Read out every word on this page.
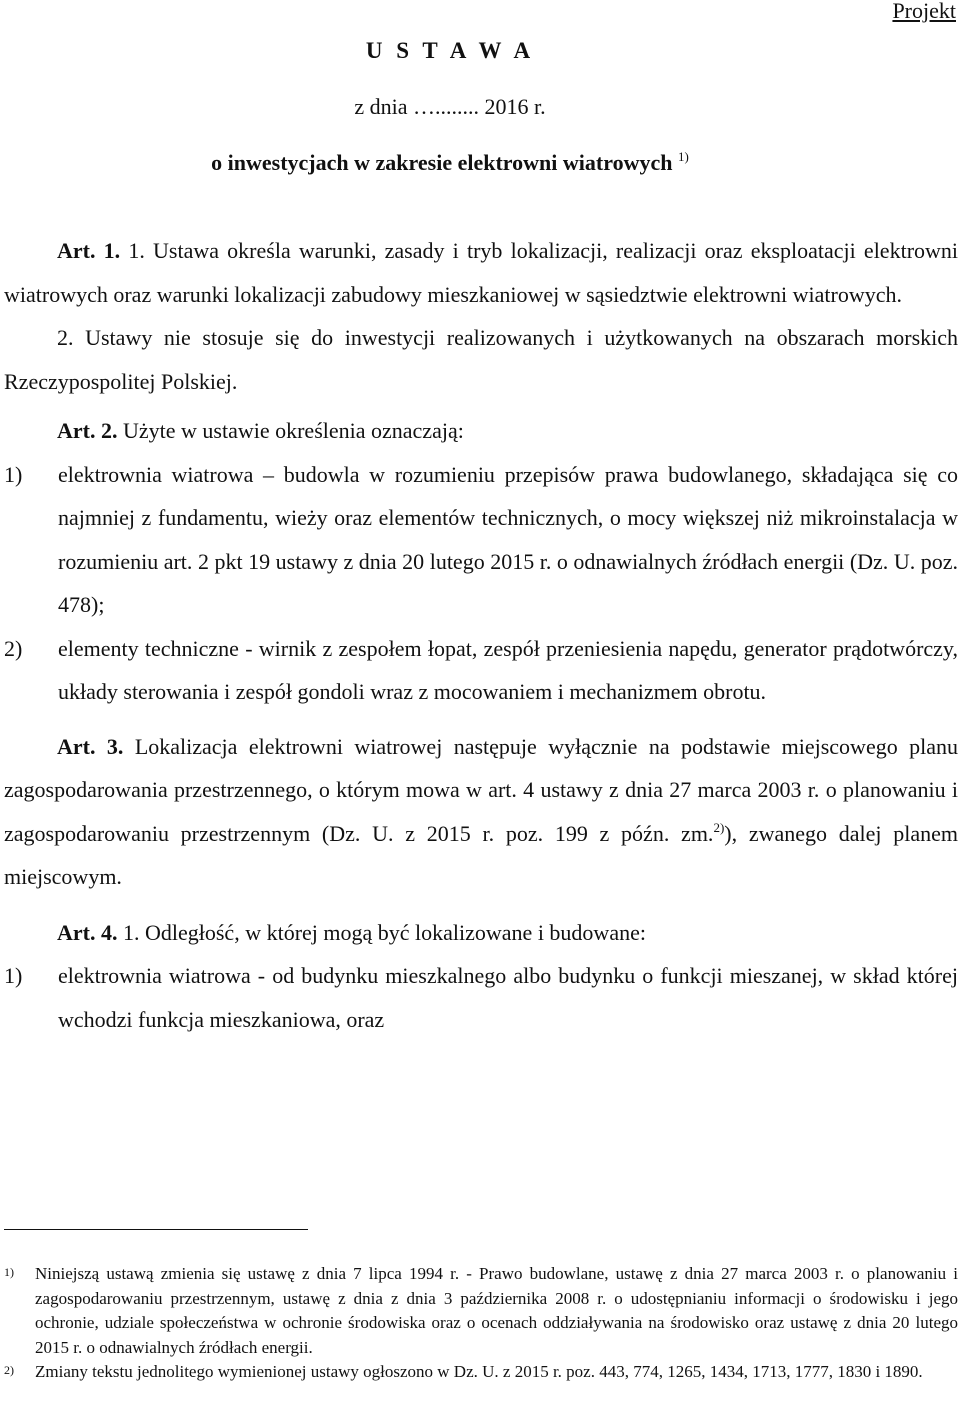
Projekt
U S T A W A
z dnia …........ 2016 r.
o inwestycjach w zakresie elektrowni wiatrowych $^{1)}$

Art. 1. 1. Ustawa określa warunki, zasady i tryb lokalizacji, realizacji oraz eksploatacji elektrowni wiatrowych oraz warunki lokalizacji zabudowy mieszkaniowej w sąsiedztwie elektrowni wiatrowych.

2. Ustawy nie stosuje się do inwestycji realizowanych i użytkowanych na obszarach morskich Rzeczypospolitej Polskiej.

Art. 2. Użyte w ustawie określenia oznaczają:

1)	elektrownia wiatrowa – budowla w rozumieniu przepisów prawa budowlanego, składająca się co najmniej z fundamentu, wieży oraz elementów technicznych, o mocy większej niż mikroinstalacja w rozumieniu art. 2 pkt 19 ustawy z dnia 20 lutego 2015 r. o odnawialnych źródłach energii (Dz. U. poz. 478);
2)	elementy techniczne - wirnik z zespołem łopat, zespół przeniesienia napędu, generator prądotwórczy, układy sterowania i zespół gondoli wraz z mocowaniem i mechanizmem obrotu.

Art. 3. Lokalizacja elektrowni wiatrowej następuje wyłącznie na podstawie miejscowego planu zagospodarowania przestrzennego, o którym mowa w art. 4 ustawy z dnia 27 marca 2003 r. o planowaniu i zagospodarowaniu przestrzennym (Dz. U. z 2015 r. poz. 199 z późn. zm.$^{2)}$), zwanego dalej planem miejscowym.

Art. 4. 1. Odległość, w której mogą być lokalizowane i budowane:

1)	elektrownia wiatrowa - od budynku mieszkalnego albo budynku o funkcji mieszanej, w skład której wchodzi funkcja mieszkaniowa, oraz
1)	Niniejszą ustawą zmienia się ustawę z dnia 7 lipca 1994 r. - Prawo budowlane, ustawę z dnia 27 marca 2003 r. o planowaniu i zagospodarowaniu przestrzennym, ustawę z dnia z dnia 3 października 2008 r. o udostępnianiu informacji o środowisku i jego ochronie, udziale społeczeństwa w ochronie środowiska oraz o ocenach oddziaływania na środowisko oraz ustawę z dnia 20 lutego 2015 r. o odnawialnych źródłach energii.
2)	Zmiany tekstu jednolitego wymienionej ustawy ogłoszono w Dz. U. z 2015 r. poz. 443, 774, 1265, 1434, 1713, 1777, 1830 i 1890.
